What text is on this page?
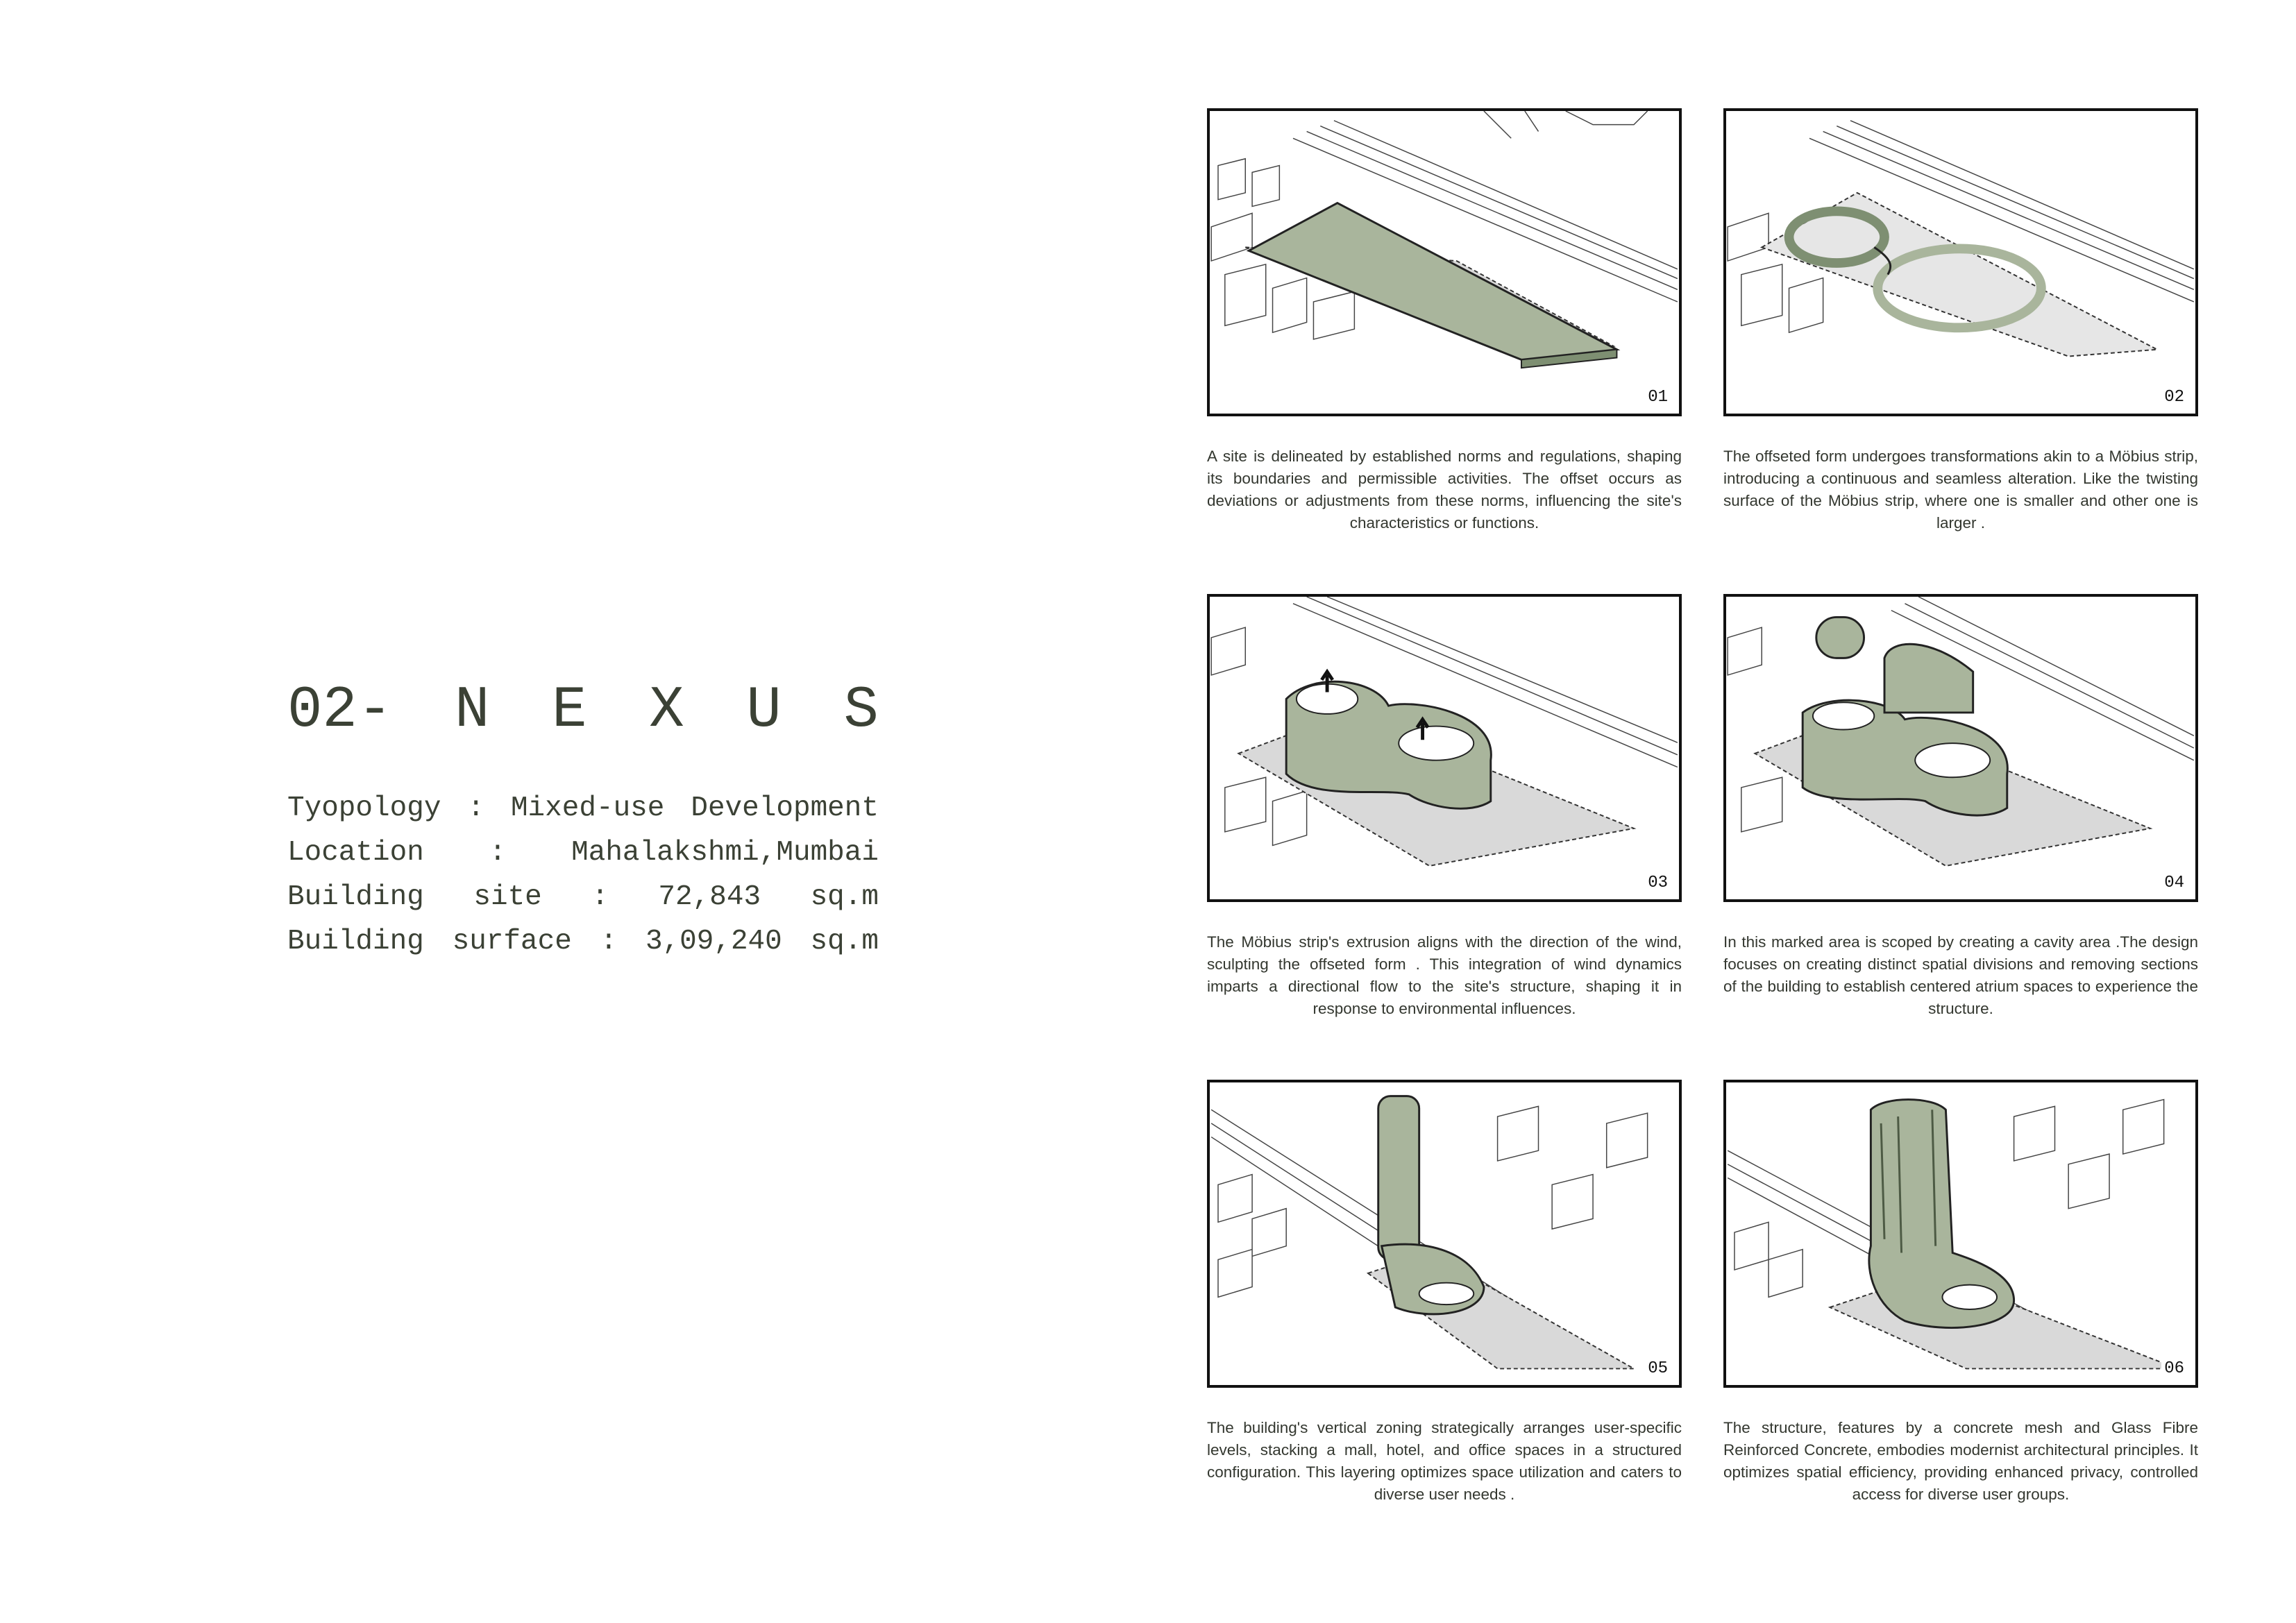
02- N E X U S
Tyopology : Mixed-use Development
Location : Mahalakshmi,Mumbai
Building site : 72,843 sq.m
Building surface : 3,09,240 sq.m
01
A site is delineated by established norms and regulations, shaping its boundaries and permissible activities. The offset occurs as deviations or adjustments from these norms, influencing the site's characteristics or functions.
02
The offseted form undergoes transformations akin to a Möbius strip, introducing a continuous and seamless alteration. Like the twisting surface of the Möbius strip, where one is smaller and other one is larger .
03
The Möbius strip's extrusion aligns with the direction of the wind, sculpting the offseted form . This integration of wind dynamics imparts a directional flow to the site's structure, shaping it in response to environmental influences.
04
In this marked area is scoped by creating a cavity area .The design focuses on creating distinct spatial divisions and removing sections of the building to establish centered atrium spaces to experience the structure.
05
The building's vertical zoning strategically arranges user-specific levels, stacking a mall, hotel, and office spaces in a structured configuration. This layering optimizes space utilization and caters to diverse user needs .
06
The structure, features by a concrete mesh and Glass Fibre Reinforced Concrete, embodies modernist architectural principles. It optimizes spatial efficiency, providing enhanced privacy, controlled access for diverse user groups.
